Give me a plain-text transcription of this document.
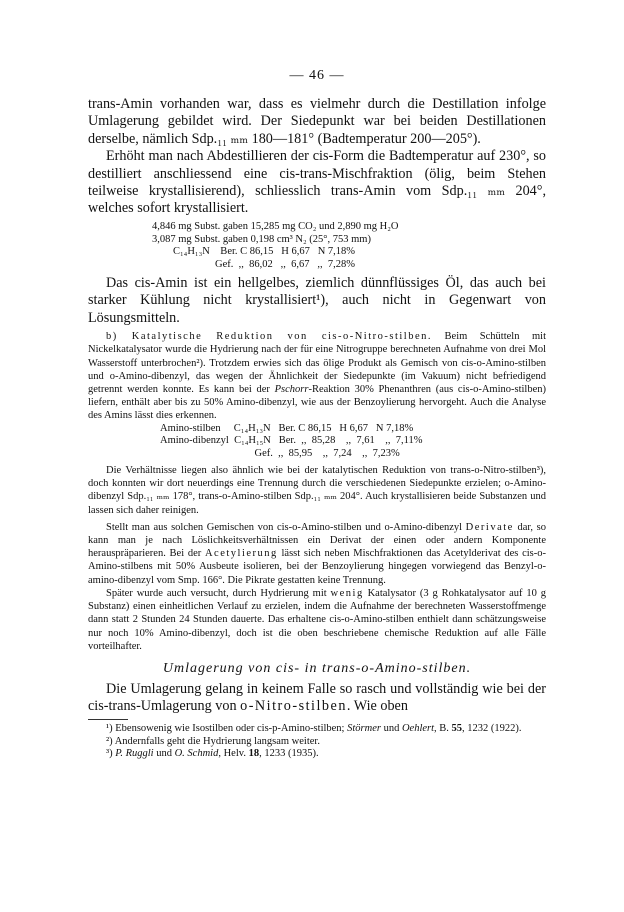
— 46 —

trans-Amin vorhanden war, dass es vielmehr durch die Destillation infolge Umlagerung gebildet wird. Der Siedepunkt war bei beiden Destillationen derselbe, nämlich Sdp.₁₁ ₘₘ 180—181° (Badtemperatur 200—205°).

Erhöht man nach Abdestillieren der cis-Form die Badtemperatur auf 230°, so destilliert anschliessend eine cis-trans-Mischfraktion (ölig, beim Stehen teilweise krystallisierend), schliesslich trans-Amin vom Sdp.₁₁ ₘₘ 204°, welches sofort krystallisiert.

4,846 mg Subst. gaben 15,285 mg CO₂ und 2,890 mg H₂O
3,087 mg Subst. gaben 0,198 cm³ N₂ (25°, 753 mm)
C₁₄H₁₃N    Ber. C 86,15   H 6,67   N 7,18%
Gef.  ,,  86,02   ,,  6,67   ,,  7,28%

Das cis-Amin ist ein hellgelbes, ziemlich dünnflüssiges Öl, das auch bei starker Kühlung nicht krystallisiert¹), auch nicht in Gegenwart von Lösungsmitteln.

b) Katalytische Reduktion von cis-o-Nitro-stilben. Beim Schütteln mit Nickelkatalysator wurde die Hydrierung nach der für eine Nitrogruppe berechneten Aufnahme von drei Mol Wasserstoff unterbrochen²). Trotzdem erwies sich das ölige Produkt als Gemisch von cis-o-Amino-stilben und o-Amino-dibenzyl, das wegen der Ähnlichkeit der Siedepunkte (im Vakuum) nicht befriedigend getrennt werden konnte. Es kann bei der Pschorr-Reaktion 30% Phenanthren (aus cis-o-Amino-stilben) liefern, enthält aber bis zu 50% Amino-dibenzyl, wie aus der Benzoylierung hervorgeht. Auch die Analyse des Amins lässt dies erkennen.

Amino-stilben     C₁₄H₁₃N   Ber. C 86,15   H 6,67   N 7,18%
Amino-dibenzyl  C₁₄H₁₅N   Ber.  ,,  85,28    ,,  7,61    ,,  7,11%
Gef.  ,,  85,95    ,,  7,24    ,,  7,23%

Die Verhältnisse liegen also ähnlich wie bei der katalytischen Reduktion von trans-o-Nitro-stilben³), doch konnten wir dort neuerdings eine Trennung durch die verschiedenen Siedepunkte erzielen; o-Amino-dibenzyl Sdp.₁₁ ₘₘ 178°, trans-o-Amino-stilben Sdp.₁₁ ₘₘ 204°. Auch krystallisieren beide Substanzen und lassen sich daher reinigen.

Stellt man aus solchen Gemischen von cis-o-Amino-stilben und o-Amino-dibenzyl Derivate dar, so kann man je nach Löslichkeitsverhältnissen ein Derivat der einen oder andern Komponente herauspräparieren. Bei der Acetylierung lässt sich neben Mischfraktionen das Acetylderivat des cis-o-Amino-stilbens mit 50% Ausbeute isolieren, bei der Benzoylierung hingegen vorwiegend das Benzyl-o-amino-dibenzyl vom Smp. 166°. Die Pikrate gestatten keine Trennung.

Später wurde auch versucht, durch Hydrierung mit wenig Katalysator (3 g Rohkatalysator auf 10 g Substanz) einen einheitlichen Verlauf zu erzielen, indem die Aufnahme der berechneten Wasserstoffmenge dann statt 2 Stunden 24 Stunden dauerte. Das erhaltene cis-o-Amino-stilben enthielt dann schätzungsweise nur noch 10% Amino-dibenzyl, doch ist die oben beschriebene chemische Reduktion auf alle Fälle vorteilhafter.

Umlagerung von cis- in trans-o-Amino-stilben.

Die Umlagerung gelang in keinem Falle so rasch und vollständig wie bei der cis-trans-Umlagerung von o-Nitro-stilben. Wie oben

¹) Ebensowenig wie Isostilben oder cis-p-Amino-stilben; Störmer und Oehlert, B. 55, 1232 (1922).

²) Andernfalls geht die Hydrierung langsam weiter.

³) P. Ruggli und O. Schmid, Helv. 18, 1233 (1935).
